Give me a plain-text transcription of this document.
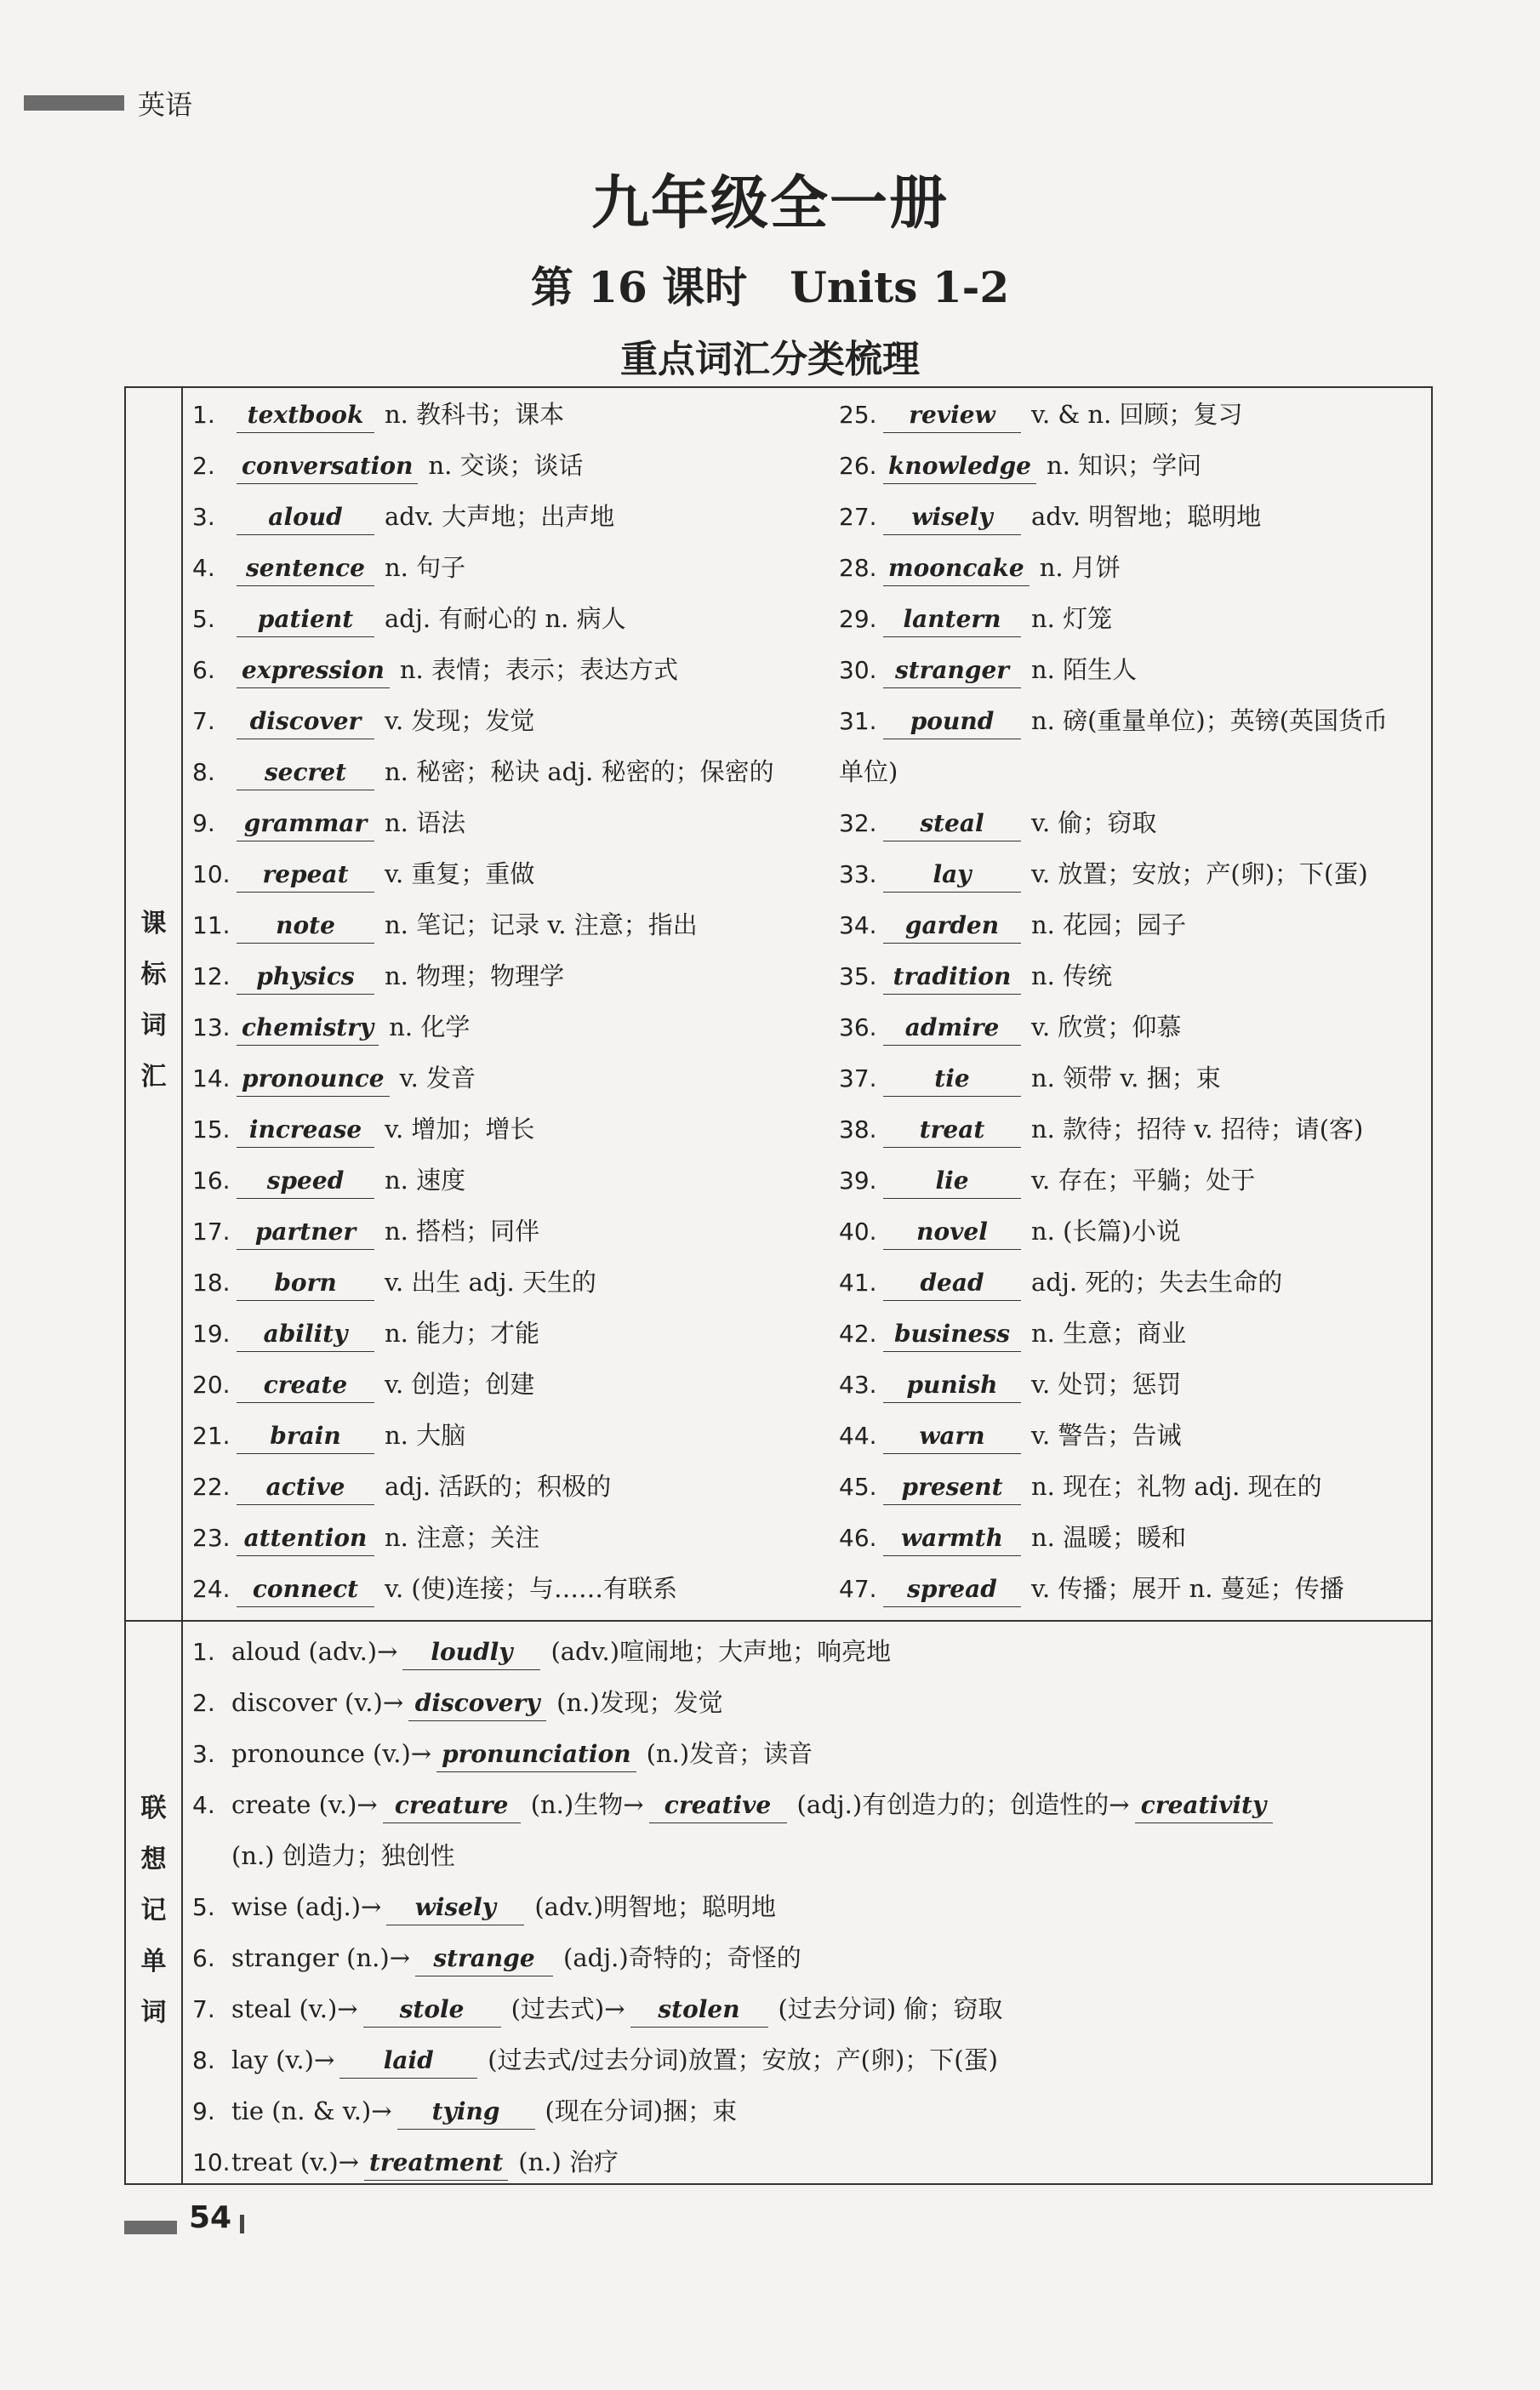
英语
九年级全一册
第 16 课时　Units 1-2
重点词汇分类梳理
课
标
词
汇
联
想
记
单
词
1. textbook n. 教科书；课本
2. conversation n. 交谈；谈话
3. aloud adv. 大声地；出声地
4. sentence n. 句子
5. patient adj. 有耐心的 n. 病人
6. expression n. 表情；表示；表达方式
7. discover v. 发现；发觉
8. secret n. 秘密；秘诀 adj. 秘密的；保密的
9. grammar n. 语法
10. repeat v. 重复；重做
11. note n. 笔记；记录 v. 注意；指出
12. physics n. 物理；物理学
13. chemistry n. 化学
14. pronounce v. 发音
15. increase v. 增加；增长
16. speed n. 速度
17. partner n. 搭档；同伴
18. born v. 出生 adj. 天生的
19. ability n. 能力；才能
20. create v. 创造；创建
21. brain n. 大脑
22. active adj. 活跃的；积极的
23. attention n. 注意；关注
24. connect v. (使)连接；与……有联系
25. review v. & n. 回顾；复习
26. knowledge n. 知识；学问
27. wisely adv. 明智地；聪明地
28. mooncake n. 月饼
29. lantern n. 灯笼
30. stranger n. 陌生人
31. pound n. 磅(重量单位)；英镑(英国货币
单位)
32. steal v. 偷；窃取
33. lay v. 放置；安放；产(卵)；下(蛋)
34. garden n. 花园；园子
35. tradition n. 传统
36. admire v. 欣赏；仰慕
37. tie n. 领带 v. 捆；束
38. treat n. 款待；招待 v. 招待；请(客)
39. lie	v. 存在；平躺；处于
40. novel n. (长篇)小说
41. dead adj. 死的；失去生命的
42. business n. 生意；商业
43. punish v. 处罚；惩罚
44. warn v. 警告；告诫
45. present n. 现在；礼物 adj. 现在的
46. warmth n. 温暖；暖和
47. spread v. 传播；展开 n. 蔓延；传播
1. aloud (adv.)→ loudly (adv.)喧闹地；大声地；响亮地
2. discover (v.)→ discovery (n.)发现；发觉
3. pronounce (v.)→ pronunciation (n.)发音；读音
4. create (v.)→ creature (n.)生物→ creative (adj.)有创造力的；创造性的→ creativity
(n.) 创造力；独创性
5. wise (adj.)→ wisely (adv.)明智地；聪明地
6. stranger (n.)→ strange (adj.)奇特的；奇怪的
7. steal (v.)→ stole (过去式)→ stolen (过去分词) 偷；窃取
8. lay (v.)→ laid (过去式/过去分词)放置；安放；产(卵)；下(蛋)
9. tie (n. & v.)→ tying (现在分词)捆；束
10.treat (v.)→ treatment (n.) 治疗
54
